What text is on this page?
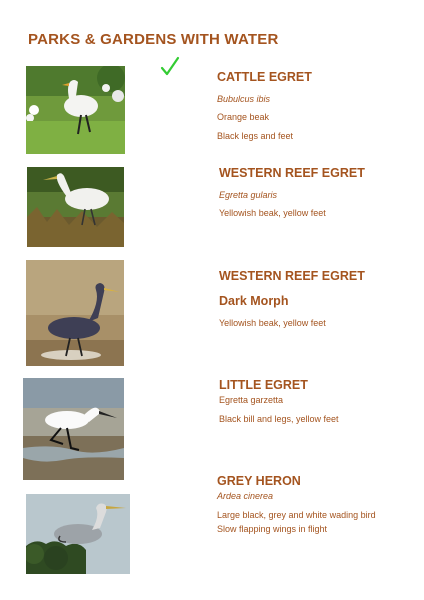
PARKS & GARDENS WITH WATER
CATTLE EGRET
Bubulcus ibis
Orange beak
Black legs and feet
WESTERN REEF EGRET
Egretta gularis
Yellowish beak, yellow feet
WESTERN REEF EGRET
Dark Morph
Yellowish beak, yellow feet
LITTLE EGRET
Egretta garzetta
Black bill and legs, yellow feet
GREY HERON
Ardea cinerea
Large black, grey and white wading bird
Slow flapping wings in flight
